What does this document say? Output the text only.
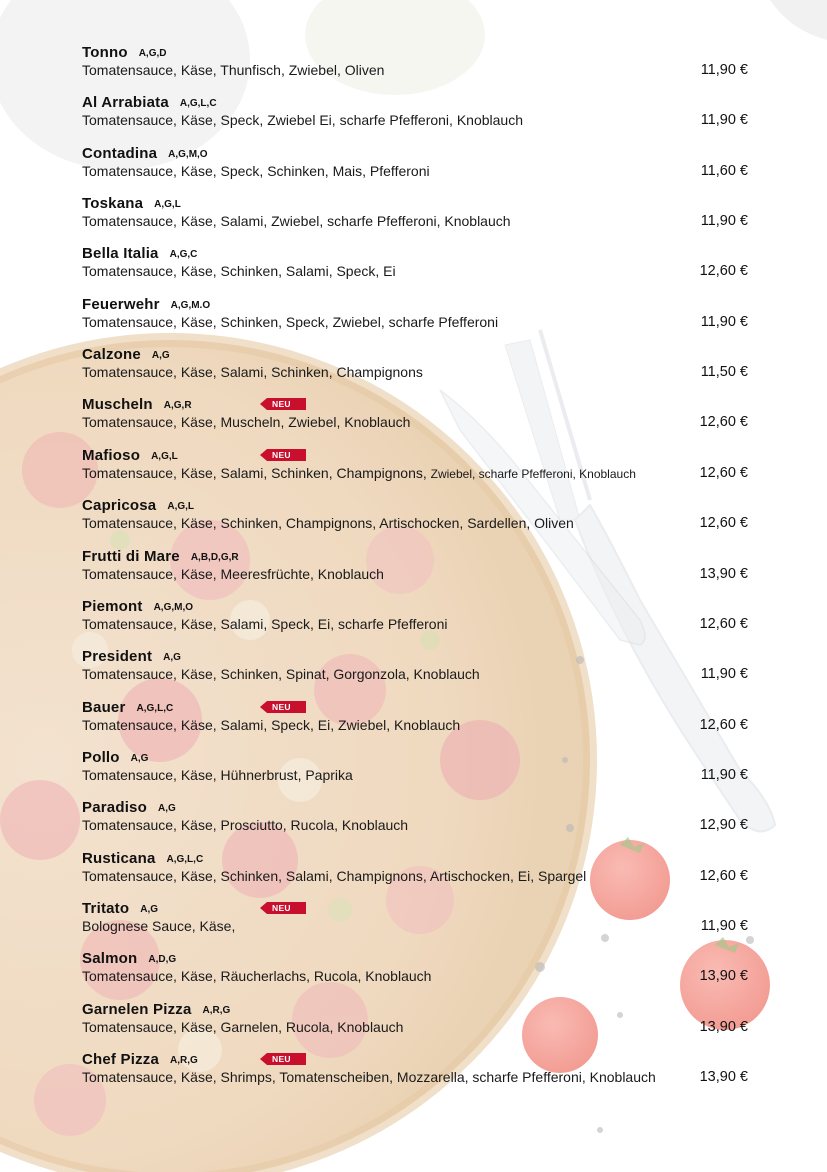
Tonno A,G,D
Tomatensauce, Käse, Thunfisch, Zwiebel, Oliven	11,90 €
Al Arrabiata A,G,L,C
Tomatensauce, Käse, Speck, Zwiebel Ei, scharfe Pfefferoni, Knoblauch	11,90 €
Contadina A,G,M,O
Tomatensauce, Käse, Speck, Schinken, Mais, Pfefferoni	11,60 €
Toskana A,G,L
Tomatensauce, Käse, Salami, Zwiebel, scharfe Pfefferoni, Knoblauch	11,90 €
Bella Italia A,G,C
Tomatensauce, Käse, Schinken, Salami, Speck, Ei	12,60 €
Feuerwehr A,G,M.O
Tomatensauce, Käse, Schinken, Speck, Zwiebel, scharfe Pfefferoni	11,90 €
Calzone A,G
Tomatensauce, Käse, Salami, Schinken, Champignons	11,50 €
Muscheln A,G,R	NEU
Tomatensauce, Käse, Muscheln, Zwiebel, Knoblauch	12,60 €
Mafioso A,G,L	NEU
Tomatensauce, Käse, Salami, Schinken, Champignons, Zwiebel, scharfe Pfefferoni, Knoblauch	12,60 €
Capricosa A,G,L
Tomatensauce, Käse, Schinken, Champignons, Artischocken, Sardellen, Oliven	12,60 €
Frutti di Mare A,B,D,G,R
Tomatensauce, Käse, Meeresfrüchte, Knoblauch	13,90 €
Piemont A,G,M,O
Tomatensauce, Käse, Salami, Speck, Ei, scharfe Pfefferoni	12,60 €
President A,G
Tomatensauce, Käse, Schinken, Spinat, Gorgonzola, Knoblauch	11,90 €
Bauer A,G,L,C	NEU
Tomatensauce, Käse, Salami, Speck, Ei, Zwiebel, Knoblauch	12,60 €
Pollo A,G
Tomatensauce, Käse, Hühnerbrust, Paprika	11,90 €
Paradiso A,G
Tomatensauce, Käse, Prosciutto, Rucola, Knoblauch	12,90 €
Rusticana A,G,L,C
Tomatensauce, Käse, Schinken, Salami, Champignons, Artischocken, Ei, Spargel	12,60 €
Tritato A,G	NEU
Bolognese Sauce, Käse,	11,90 €
Salmon A,D,G
Tomatensauce, Käse, Räucherlachs, Rucola, Knoblauch	13,90 €
Garnelen Pizza A,R,G
Tomatensauce, Käse, Garnelen, Rucola, Knoblauch	13,90 €
Chef Pizza A,R,G	NEU
Tomatensauce, Käse, Shrimps, Tomatenscheiben, Mozzarella, scharfe Pfefferoni, Knoblauch	13,90 €
